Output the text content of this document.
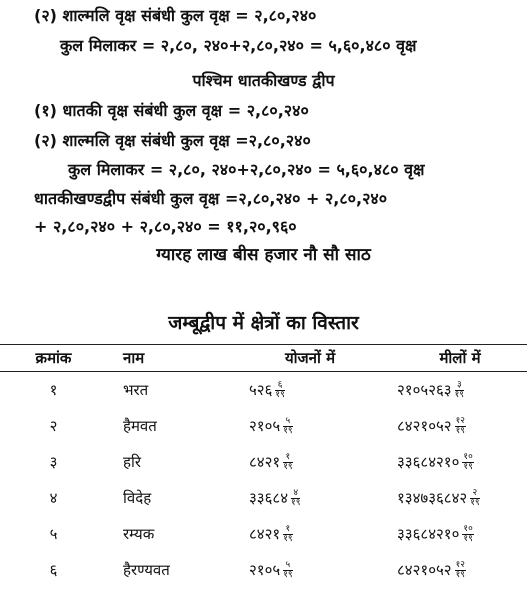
(२) शाल्मलि वृक्ष संबंधी कुल वृक्ष = २,८०,२४०
कुल मिलाकर = २,८०, २४०+२,८०,२४० = ५,६०,४८० वृक्ष
पश्चिम धातकीखण्ड द्वीप
(१) धातकी वृक्ष संबंधी कुल वृक्ष = २,८०,२४०
(२) शाल्मलि वृक्ष संबंधी कुल वृक्ष =२,८०,२४०
कुल मिलाकर = २,८०, २४०+२,८०,२४० = ५,६०,४८० वृक्ष
धातकीखण्डद्वीप संबंधी कुल वृक्ष =२,८०,२४० + २,८०,२४०
+ २,८०,२४० + २,८०,२४० = ११,२०,९६०
ग्यारह लाख बीस हजार नौ सौ साठ
जम्बूद्वीप में क्षेत्रों का विस्तार
क्रमांक	नाम	योजनों में	मीलों में
१	भरत	५२६ $\frac{६}{१९}$	२१०५२६३ $\frac{३}{१९}$

२	हैमवत	२१०५ $\frac{५}{१९}$	८४२१०५२ $\frac{१२}{१९}$

३	हरि	८४२१ $\frac{१}{१९}$	३३६८४२१० $\frac{१०}{१९}$

४	विदेह	३३६८४ $\frac{४}{१९}$	१३४७३६८४२ $\frac{२}{१९}$

५	रम्यक	८४२१ $\frac{१}{१९}$	३३६८४२१० $\frac{१०}{१९}$

६	हैरण्यवत	२१०५ $\frac{५}{१९}$	८४२१०५२ $\frac{१२}{१९}$
